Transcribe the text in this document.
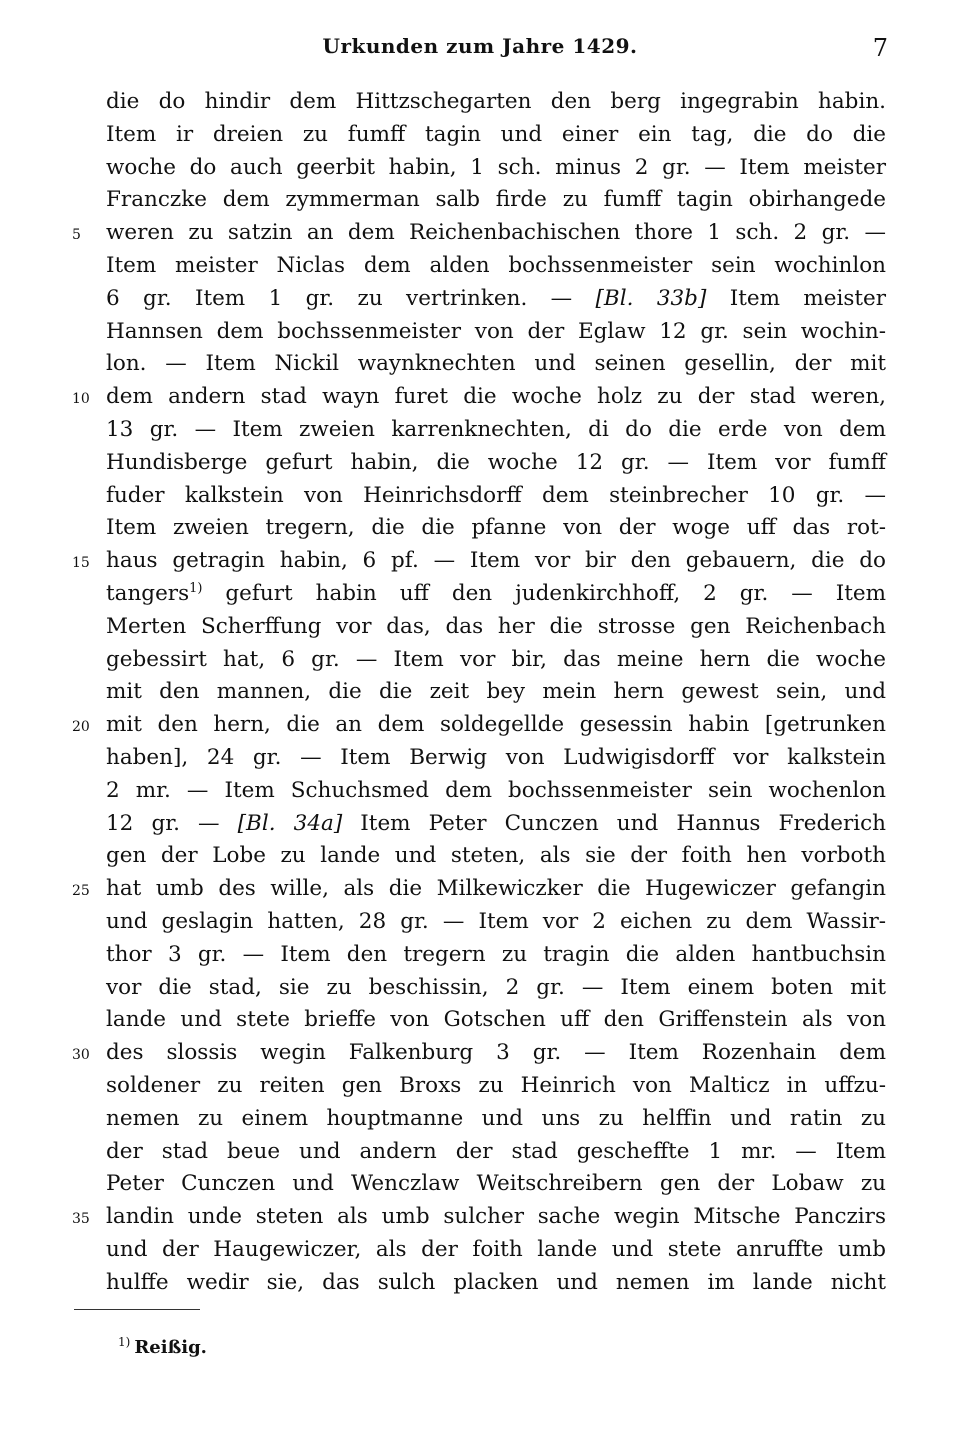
Urkunden zum Jahre 1429.	7
die do hindir dem Hittzschegarten den berg ingegrabin habin.
Item ir dreien zu fumff tagin und einer ein tag, die do die
woche do auch geerbit habin, 1 sch. minus 2 gr. — Item meister
Franczke dem zymmerman salb firde zu fumff tagin obirhangede
5	weren zu satzin an dem Reichenbachischen thore 1 sch. 2 gr. —
Item meister Niclas dem alden bochssenmeister sein wochinlon
6 gr. Item 1 gr. zu vertrinken. — [Bl. 33b] Item meister
Hannsen dem bochssenmeister von der Eglaw 12 gr. sein wochin-
lon. — Item Nickil waynknechten und seinen gesellin, der mit
10 dem andern stad wayn furet die woche holz zu der stad weren,
13 gr. — Item zweien karrenknechten, di do die erde von dem
Hundisberge gefurt habin, die woche 12 gr. — Item vor fumff
fuder kalkstein von Heinrichsdorff dem steinbrecher 10 gr. —
Item zweien tregern, die die pfanne von der woge uff das rot-
15 haus getragin habin, 6 pf. — Item vor bir den gebauern, die do
tangers$^{1)}$ gefurt habin uff den judenkirchhoff, 2 gr. — Item
Merten Scherffung vor das, das her die strosse gen Reichenbach
gebessirt hat, 6 gr. — Item vor bir, das meine hern die woche
mit den mannen, die die zeit bey mein hern gewest sein, und
20 mit den hern, die an dem soldegellde gesessin habin [getrunken
haben], 24 gr. — Item Berwig von Ludwigisdorff vor kalkstein
2 mr. — Item Schuchsmed dem bochssenmeister sein wochenlon
12 gr. — [Bl. 34a] Item Peter Cunczen und Hannus Frederich
gen der Lobe zu lande und steten, als sie der foith hen vorboth
25 hat umb des wille, als die Milkewiczker die Hugewiczer gefangin
und geslagin hatten, 28 gr. — Item vor 2 eichen zu dem Wassir-
thor 3 gr. — Item den tregern zu tragin die alden hantbuchsin
vor die stad, sie zu beschissin, 2 gr. — Item einem boten mit
lande und stete brieffe von Gotschen uff den Griffenstein als von
30 des slossis wegin Falkenburg 3 gr. — Item Rozenhain dem
soldener zu reiten gen Broxs zu Heinrich von Malticz in uffzu-
nemen zu einem houptmanne und uns zu helffin und ratin zu
der stad beue und andern der stad gescheffte 1 mr. — Item
Peter Cunczen und Wenczlaw Weitschreibern gen der Lobaw zu
35 landin unde steten als umb sulcher sache wegin Mitsche Panczirs
und der Haugewiczer, als der foith lande und stete anruffte umb
hulffe wedir sie, das sulch placken und nemen im lande nicht
$^{1)}$ Reißig.
